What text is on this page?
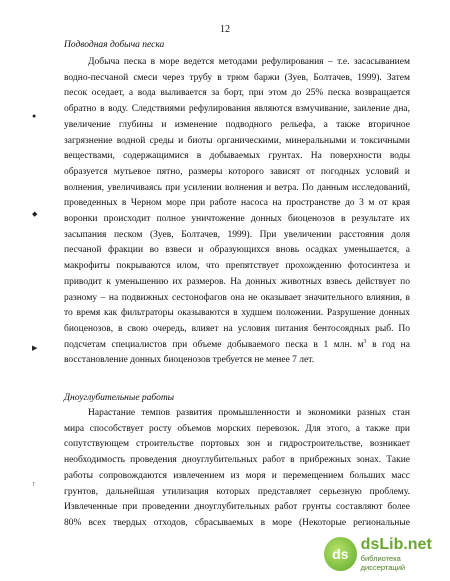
12
Подводная добыча песка
Добыча песка в море ведется методами рефулирования – т.е. засасыванием
водно-песчаной смеси через трубу в трюм баржи (Зуев, Болтачев, 1999). Затем
песок оседает, а вода выливается за борт, при этом до 25% песка возвращается
обратно в воду. Следствиями рефулирования являются взмучивание, заиление дна,
увеличение глубины и изменение подводного рельефа, а также вторичное
загрязнение водной среды и биоты органическими, минеральными и токсичными
веществами, содержащимися в добываемых грунтах. На поверхности воды
образуется мутьевое пятно, размеры которого зависят от погодных условий и
волнения, увеличиваясь при усилении волнения и ветра. По данным исследований,
проведенных в Черном море при работе насоса на пространстве до 3 м от края
воронки происходит полное уничтожение донных биоценозов в результате их
засыпания песком (Зуев, Болтачев, 1999). При увеличении расстояния доля
песчаной фракции во взвеси и образующихся вновь осадках уменьшается, а
макрофиты покрываются илом, что препятствует прохождению фотосинтеза и
приводит к уменьшению их размеров. На донных животных взвесь действует по
разному – на подвижных сестонофагов она не оказывает значительного влияния, в
то время как фильтраторы оказываются в худшем положении. Разрушение донных
биоценозов, в свою очередь, влияет на условия питания бентосоядных рыб. По
подсчетам специалистов при объеме добываемого песка в 1 млн. $м^3$ в год на
восстановление донных биоценозов требуется не менее 7 лет.
Дноуглубительные работы
Нарастание темпов развития промышленности и экономики разных стан
мира способствует росту объемов морских перевозок. Для этого, а также при
сопутствующем строительстве портовых зон и гидростроительстве, возникает
необходимость проведения дноуглубительных работ в прибрежных зонах. Такие
работы сопровождаются извлечением из моря и перемещением больших масс
грунтов, дальнейшая утилизация которых представляет серьезную проблему.
Извлеченные при проведении дноуглубительных работ грунты составляют более
80% всех твердых отходов, сбрасываемых в море (Некоторые региональные
●
◆
▶
↑
ds
dsLib.net
библиотека диссертаций
